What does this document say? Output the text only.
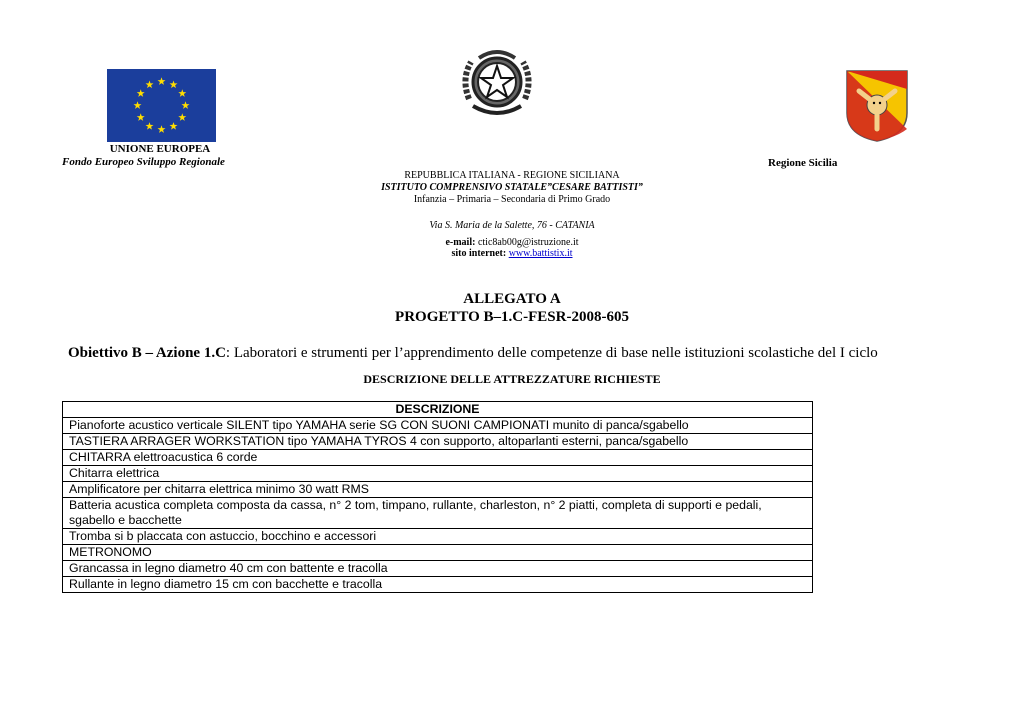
UNIONE EUROPEA
Fondo Europeo Sviluppo Regionale	Regione Sicilia
REPUBBLICA ITALIANA - REGIONE SICILIANA
ISTITUTO COMPRENSIVO STATALE”CESARE BATTISTI”
Infanzia – Primaria – Secondaria di Primo Grado
Via S. Maria de la Salette, 76 - CATANIA
e-mail: ctic8ab00g@istruzione.it
sito internet: www.battistix.it
ALLEGATO A
PROGETTO B–1.C-FESR-2008-605
Obiettivo B – Azione 1.C: Laboratori e strumenti per l’apprendimento delle competenze di base nelle istituzioni scolastiche del I ciclo
DESCRIZIONE DELLE ATTREZZATURE RICHIESTE
DESCRIZIONE
Pianoforte acustico verticale SILENT tipo YAMAHA serie SG CON SUONI CAMPIONATI munito di panca/sgabello
TASTIERA ARRAGER WORKSTATION tipo YAMAHA TYROS 4 con supporto, altoparlanti esterni, panca/sgabello
CHITARRA elettroacustica 6 corde
Chitarra elettrica
Amplificatore per chitarra elettrica minimo 30 watt RMS
Batteria acustica completa composta da cassa, n° 2 tom, timpano, rullante, charleston, n° 2 piatti, completa di supporti e pedali, sgabello e bacchette
Tromba si b placcata con astuccio, bocchino e accessori
METRONOMO
Grancassa in legno diametro 40 cm con battente e tracolla
Rullante in legno diametro 15 cm con bacchette e tracolla
